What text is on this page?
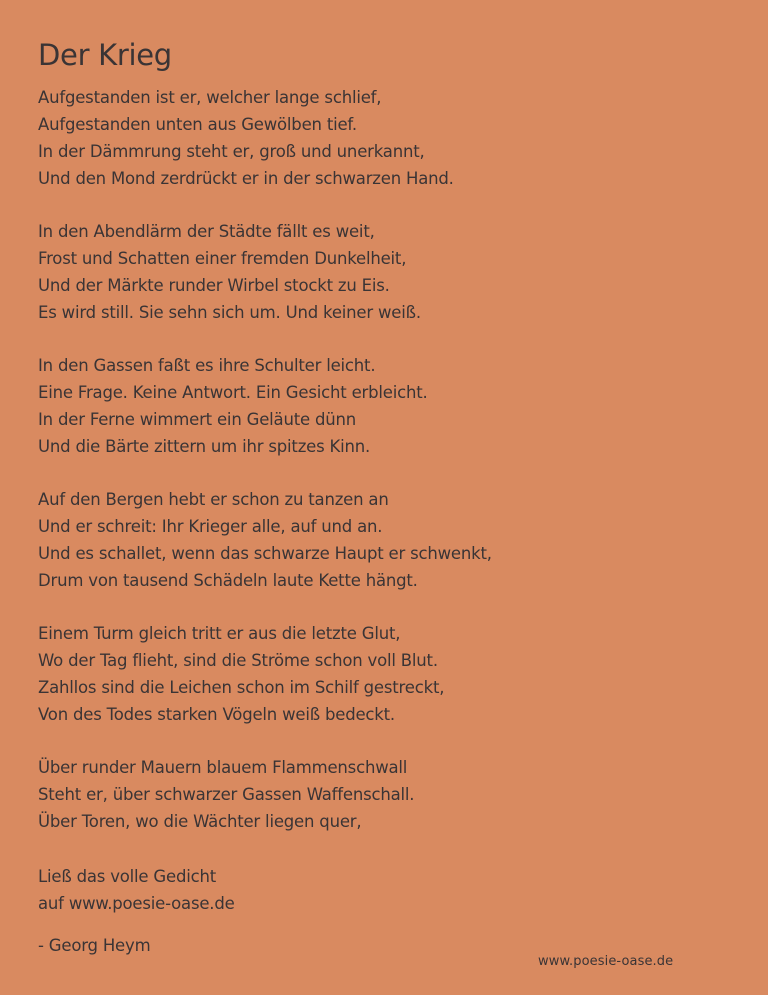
Der Krieg
Aufgestanden ist er, welcher lange schlief,
Aufgestanden unten aus Gewölben tief.
In der Dämmrung steht er, groß und unerkannt,
Und den Mond zerdrückt er in der schwarzen Hand.
In den Abendlärm der Städte fällt es weit,
Frost und Schatten einer fremden Dunkelheit,
Und der Märkte runder Wirbel stockt zu Eis.
Es wird still. Sie sehn sich um. Und keiner weiß.
In den Gassen faßt es ihre Schulter leicht.
Eine Frage. Keine Antwort. Ein Gesicht erbleicht.
In der Ferne wimmert ein Geläute dünn
Und die Bärte zittern um ihr spitzes Kinn.
Auf den Bergen hebt er schon zu tanzen an
Und er schreit: Ihr Krieger alle, auf und an.
Und es schallet, wenn das schwarze Haupt er schwenkt,
Drum von tausend Schädeln laute Kette hängt.
Einem Turm gleich tritt er aus die letzte Glut,
Wo der Tag flieht, sind die Ströme schon voll Blut.
Zahllos sind die Leichen schon im Schilf gestreckt,
Von des Todes starken Vögeln weiß bedeckt.
Über runder Mauern blauem Flammenschwall
Steht er, über schwarzer Gassen Waffenschall.
Über Toren, wo die Wächter liegen quer,
Ließ das volle Gedicht
auf www.poesie-oase.de
- Georg Heym
www.poesie-oase.de
